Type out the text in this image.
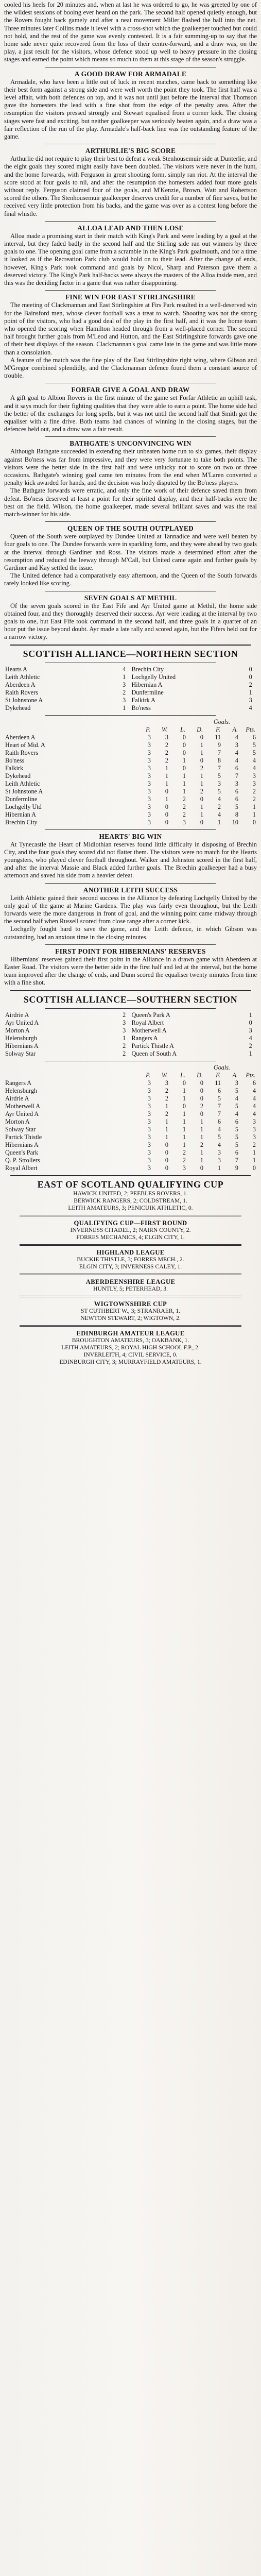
cooled his heels for 20 minutes and, when at last he was ordered to go, he was greeted by one of the wildest sessions of booing ever heard on the park. The second half opened quietly enough, but the Rovers fought back gamely and after a neat movement Miller flashed the ball into the net. Three minutes later Collins made it level with a cross-shot which the goalkeeper touched but could not hold, and the rest of the game was evenly contested. It is a fair summing-up to say that the home side never quite recovered from the loss of their centre-forward, and a draw was, on the play, a just result for the visitors, whose defence stood up well to heavy pressure in the closing stages and earned the point which means so much to them at this stage of the season's struggle.

A GOOD DRAW FOR ARMADALE

Armadale, who have been a little out of luck in recent matches, came back to something like their best form against a strong side and were well worth the point they took. The first half was a level affair, with both defences on top, and it was not until just before the interval that Thomson gave the homesters the lead with a fine shot from the edge of the penalty area. After the resumption the visitors pressed strongly and Stewart equalised from a corner kick. The closing stages were fast and exciting, but neither goalkeeper was seriously beaten again, and a draw was a fair reflection of the run of the play. Armadale's half-back line was the outstanding feature of the game.

ARTHURLIE'S BIG SCORE

Arthurlie did not require to play their best to defeat a weak Stenhousemuir side at Dunterlie, and the eight goals they scored might easily have been doubled. The visitors were never in the hunt, and the home forwards, with Ferguson in great shooting form, simply ran riot. At the interval the score stood at four goals to nil, and after the resumption the homesters added four more goals without reply. Ferguson claimed four of the goals, and M'Kenzie, Brown, Watt and Robertson scored the others. The Stenhousemuir goalkeeper deserves credit for a number of fine saves, but he received very little protection from his backs, and the game was over as a contest long before the final whistle.

ALLOA LEAD AND THEN LOSE

Alloa made a promising start in their match with King's Park and were leading by a goal at the interval, but they faded badly in the second half and the Stirling side ran out winners by three goals to one. The opening goal came from a scramble in the King's Park goalmouth, and for a time it looked as if the Recreation Park club would hold on to their lead. After the change of ends, however, King's Park took command and goals by Nicol, Sharp and Paterson gave them a deserved victory. The King's Park half-backs were always the masters of the Alloa inside men, and this was the deciding factor in a game that was rather disappointing.

FINE WIN FOR EAST STIRLINGSHIRE

The meeting of Clackmannan and East Stirlingshire at Firs Park resulted in a well-deserved win for the Bainsford men, whose clever football was a treat to watch. Shooting was not the strong point of the visitors, who had a good deal of the play in the first half, and it was the home team who opened the scoring when Hamilton headed through from a well-placed corner. The second half brought further goals from M'Leod and Hutton, and the East Stirlingshire forwards gave one of their best displays of the season. Clackmannan's goal came late in the game and was little more than a consolation.

A feature of the match was the fine play of the East Stirlingshire right wing, where Gibson and M'Gregor combined splendidly, and the Clackmannan defence found them a constant source of trouble.

FORFAR GIVE A GOAL AND DRAW

A gift goal to Albion Rovers in the first minute of the game set Forfar Athletic an uphill task, and it says much for their fighting qualities that they were able to earn a point. The home side had the better of the exchanges for long spells, but it was not until the second half that Smith got the equaliser with a fine drive. Both teams had chances of winning in the closing stages, but the defences held out, and a draw was a fair result.

BATHGATE'S UNCONVINCING WIN

Although Bathgate succeeded in extending their unbeaten home run to six games, their display against Bo'ness was far from impressive, and they were very fortunate to take both points. The visitors were the better side in the first half and were unlucky not to score on two or three occasions. Bathgate's winning goal came ten minutes from the end when M'Laren converted a penalty kick awarded for hands, and the decision was hotly disputed by the Bo'ness players.

The Bathgate forwards were erratic, and only the fine work of their defence saved them from defeat. Bo'ness deserved at least a point for their spirited display, and their half-backs were the best on the field. Wilson, the home goalkeeper, made several brilliant saves and was the real match-winner for his side.

QUEEN OF THE SOUTH OUTPLAYED

Queen of the South were outplayed by Dundee United at Tannadice and were well beaten by four goals to one. The Dundee forwards were in sparkling form, and they were ahead by two goals at the interval through Gardiner and Ross. The visitors made a determined effort after the resumption and reduced the leeway through M'Call, but United came again and further goals by Gardiner and Kay settled the issue.

The United defence had a comparatively easy afternoon, and the Queen of the South forwards rarely looked like scoring.

SEVEN GOALS AT METHIL

Of the seven goals scored in the East Fife and Ayr United game at Methil, the home side obtained four, and they thoroughly deserved their success. Ayr were leading at the interval by two goals to one, but East Fife took command in the second half, and three goals in a quarter of an hour put the issue beyond doubt. Ayr made a late rally and scored again, but the Fifers held out for a narrow victory.

SCOTTISH ALLIANCE—NORTHERN SECTION
Hearts A	4	Brechin City	0
Leith Athletic	1	Lochgelly United	0
Aberdeen A	3	Hibernian A	2
Raith Rovers	2	Dunfermline	1
St Johnstone A	3	Falkirk A	3
Dykehead	1	Bo'ness	4
					Goals.		
	P.	W.	L.	D.	F.	A.	Pts.
Aberdeen A	3	3	0	0	11	4	6
Heart of Mid. A	3	2	0	1	9	3	5
Raith Rovers	3	2	0	1	7	4	5
Bo'ness	3	2	1	0	8	4	4
Falkirk	3	1	0	2	7	6	4
Dykehead	3	1	1	1	5	7	3
Leith Athletic	3	1	1	1	3	3	3
St Johnstone A	3	0	1	2	5	6	2
Dunfermline	3	1	2	0	4	6	2
Lochgelly Utd	3	0	2	1	2	5	1
Hibernian A	3	0	2	1	4	8	1
Brechin City	3	0	3	0	1	10	0
HEARTS' BIG WIN

At Tynecastle the Heart of Midlothian reserves found little difficulty in disposing of Brechin City, and the four goals they scored did not flatter them. The visitors were no match for the Hearts youngsters, who played clever football throughout. Walker and Johnston scored in the first half, and after the interval Massie and Black added further goals. The Brechin goalkeeper had a busy afternoon and saved his side from a heavier defeat.

ANOTHER LEITH SUCCESS

Leith Athletic gained their second success in the Alliance by defeating Lochgelly United by the only goal of the game at Marine Gardens. The play was fairly even throughout, but the Leith forwards were the more dangerous in front of goal, and the winning point came midway through the second half when Russell scored from close range after a corner kick.

Lochgelly fought hard to save the game, and the Leith defence, in which Gibson was outstanding, had an anxious time in the closing minutes.

FIRST POINT FOR HIBERNIANS' RESERVES

Hibernians' reserves gained their first point in the Alliance in a drawn game with Aberdeen at Easter Road. The visitors were the better side in the first half and led at the interval, but the home team improved after the change of ends, and Dunn scored the equaliser twenty minutes from time with a fine shot.

SCOTTISH ALLIANCE—SOUTHERN SECTION
Airdrie A	2	Queen's Park A	1
Ayr United A	3	Royal Albert	0
Morton A	3	Motherwell A	3
Helensburgh	1	Rangers A	4
Hibernians A	2	Partick Thistle A	2
Solway Star	2	Queen of South A	1
					Goals.		
	P.	W.	L.	D.	F.	A.	Pts.
Rangers A	3	3	0	0	11	3	6
Helensburgh	3	2	1	0	6	5	4
Airdrie A	3	2	1	0	5	4	4
Motherwell A	3	1	0	2	7	5	4
Ayr United A	3	2	1	0	7	4	4
Morton A	3	1	1	1	6	6	3
Solway Star	3	1	1	1	4	5	3
Partick Thistle	3	1	1	1	5	5	3
Hibernians A	3	0	1	2	4	5	2
Queen's Park	3	0	2	1	3	6	1
Q. P. Strollers	3	0	2	1	3	7	1
Royal Albert	3	0	3	0	1	9	0
EAST OF SCOTLAND QUALIFYING CUP
HAWICK UNITED, 2; PEEBLES ROVERS, 1.
BERWICK RANGERS, 2; COLDSTREAM, 1.
LEITH AMATEURS, 3; PENICUIK ATHLETIC, 0.
QUALIFYING CUP—FIRST ROUND
INVERNESS CITADEL, 2; NAIRN COUNTY, 2.
FORRES MECHANICS, 4; ELGIN CITY, 1.
HIGHLAND LEAGUE
BUCKIE THISTLE, 3; FORRES MECH., 2.
ELGIN CITY, 3; INVERNESS CALEY, 1.
ABERDEENSHIRE LEAGUE
HUNTLY, 5; PETERHEAD, 3.
WIGTOWNSHIRE CUP
ST CUTHBERT W., 3; STRANRAER, 1.
NEWTON STEWART, 2; WIGTOWN, 2.
EDINBURGH AMATEUR LEAGUE
BROUGHTON AMATEURS, 3; OAKBANK, 1.
LEITH AMATEURS, 2; ROYAL HIGH SCHOOL F.P., 2.
INVERLEITH, 4; CIVIL SERVICE, 0.
EDINBURGH CITY, 3; MURRAYFIELD AMATEURS, 1.
